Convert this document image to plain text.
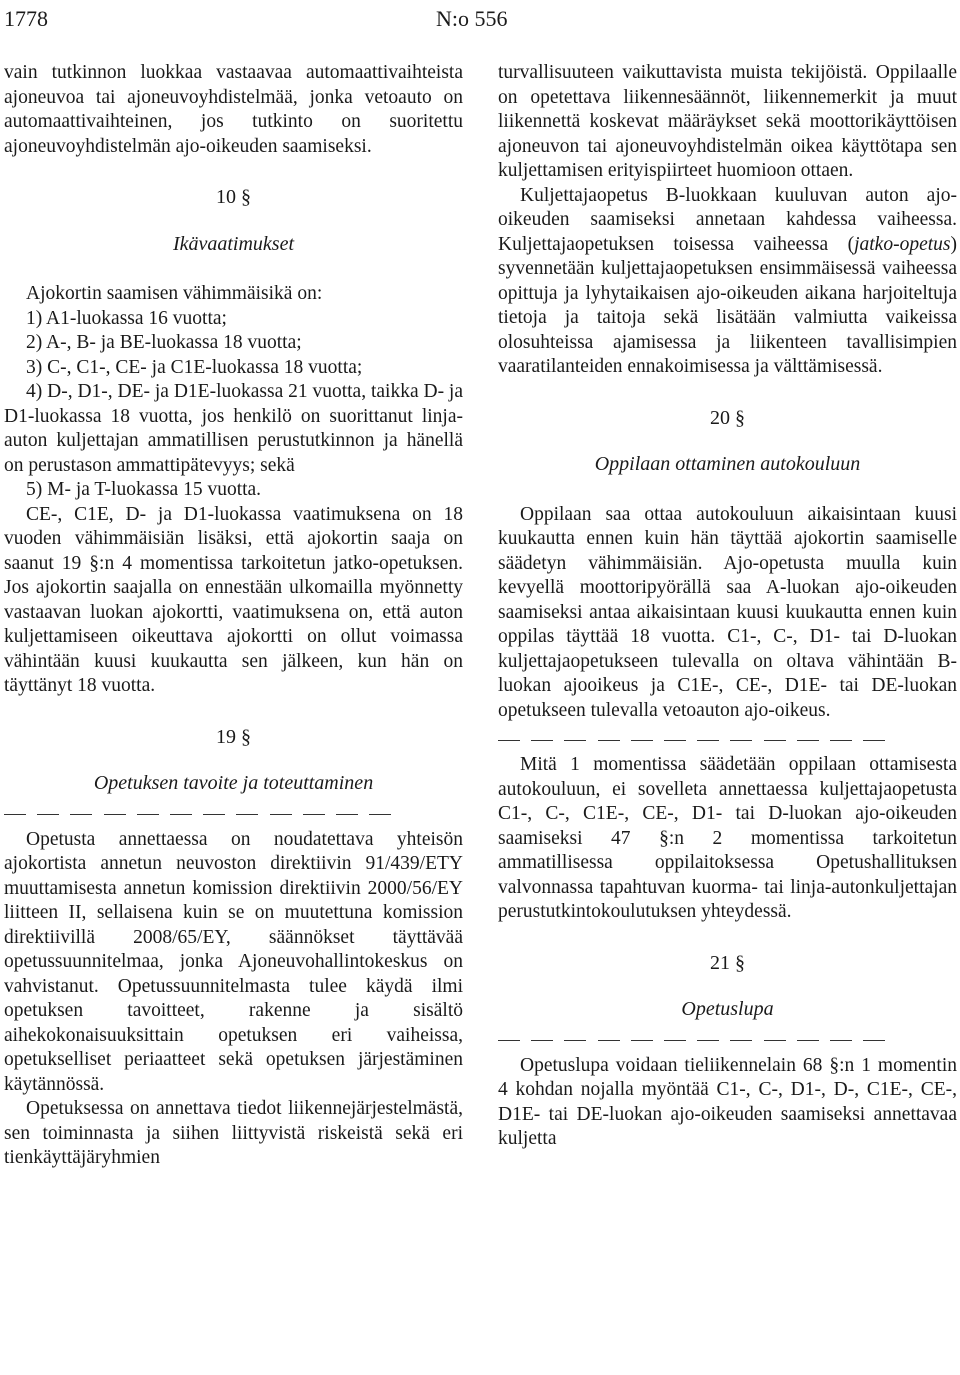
1778	N:o 556

vain tutkinnon luokkaa vastaavaa automaattivaihteista ajoneuvoa tai ajoneuvoyhdistelmää, jonka vetoauto on automaattivaihteinen, jos tutkinto on suoritettu ajoneuvoyhdistelmän ajo-oikeuden saamiseksi.

10 §

Ikävaatimukset

Ajokortin saamisen vähimmäisikä on:

1) A1-luokassa 16 vuotta;
2) A-, B- ja BE-luokassa 18 vuotta;
3) C-, C1-, CE- ja C1E-luokassa 18 vuotta;
4) D-, D1-, DE- ja D1E-luokassa 21 vuotta, taikka D- ja D1-luokassa 18 vuotta, jos henkilö on suorittanut linja-auton kuljettajan ammatillisen perustutkinnon ja hänellä on perustason ammattipätevyys; sekä
5) M- ja T-luokassa 15 vuotta.

CE-, C1E, D- ja D1-luokassa vaatimuksena on 18 vuoden vähimmäisiän lisäksi, että ajokortin saaja on saanut 19 §:n 4 momentissa tarkoitetun jatko-opetuksen. Jos ajokortin saajalla on ennestään ulkomailla myönnetty vastaavan luokan ajokortti, vaatimuksena on, että auton kuljettamiseen oikeuttava ajokortti on ollut voimassa vähintään kuusi kuukautta sen jälkeen, kun hän on täyttänyt 18 vuotta.

19 §

Opetuksen tavoite ja toteuttaminen

Opetusta annettaessa on noudatettava yhteisön ajokortista annetun neuvoston direktiivin 91/439/ETY muuttamisesta annetun komission direktiivin 2000/56/EY liitteen II, sellaisena kuin se on muutettuna komission direktiivillä 2008/65/EY, säännökset täyttävää opetussuunnitelmaa, jonka Ajoneuvohallintokeskus on vahvistanut. Opetussuunnitelmasta tulee käydä ilmi opetuksen tavoitteet, rakenne ja sisältö aihekokonaisuuksittain opetuksen eri vaiheissa, opetukselliset periaatteet sekä opetuksen järjestäminen käytännössä.

Opetuksessa on annettava tiedot liikennejärjestelmästä, sen toiminnasta ja siihen liittyvistä riskeistä sekä eri tienkäyttäjäryhmien

turvallisuuteen vaikuttavista muista tekijöistä. Oppilaalle on opetettava liikennesäännöt, liikennemerkit ja muut liikennettä koskevat määräykset sekä moottorikäyttöisen ajoneuvon tai ajoneuvoyhdistelmän oikea käyttötapa sen kuljettamisen erityispiirteet huomioon ottaen.

Kuljettajaopetus B-luokkaan kuuluvan auton ajo-oikeuden saamiseksi annetaan kahdessa vaiheessa. Kuljettajaopetuksen toisessa vaiheessa (jatko-opetus) syvennetään kuljettajaopetuksen ensimmäisessä vaiheessa opittuja ja lyhytaikaisen ajo-oikeuden aikana harjoiteltuja tietoja ja taitoja sekä lisätään valmiutta vaikeissa olosuhteissa ajamisessa ja liikenteen tavallisimpien vaaratilanteiden ennakoimisessa ja välttämisessä.

20 §

Oppilaan ottaminen autokouluun

Oppilaan saa ottaa autokouluun aikaisintaan kuusi kuukautta ennen kuin hän täyttää ajokortin saamiselle säädetyn vähimmäisiän. Ajo-opetusta muulla kuin kevyellä moottoripyörällä saa A-luokan ajo-oikeuden saamiseksi antaa aikaisintaan kuusi kuukautta ennen kuin oppilas täyttää 18 vuotta. C1-, C-, D1- tai D-luokan kuljettajaopetukseen tulevalla on oltava vähintään B-luokan ajooikeus ja C1E-, CE-, D1E- tai DE-luokan opetukseen tulevalla vetoauton ajo-oikeus.

Mitä 1 momentissa säädetään oppilaan ottamisesta autokouluun, ei sovelleta annettaessa kuljettajaopetusta C1-, C-, C1E-, CE-, D1- tai D-luokan ajo-oikeuden saamiseksi 47 §:n 2 momentissa tarkoitetun ammatillisessa oppilaitoksessa Opetushallituksen valvonnassa tapahtuvan kuorma- tai linja-autonkuljettajan perustutkintokoulutuksen yhteydessä.

21 §

Opetuslupa

Opetuslupa voidaan tieliikennelain 68 §:n 1 momentin 4 kohdan nojalla myöntää C1-, C-, D1-, D-, C1E-, CE-, D1E- tai DE-luokan ajo-oikeuden saamiseksi annettavaa kuljetta
